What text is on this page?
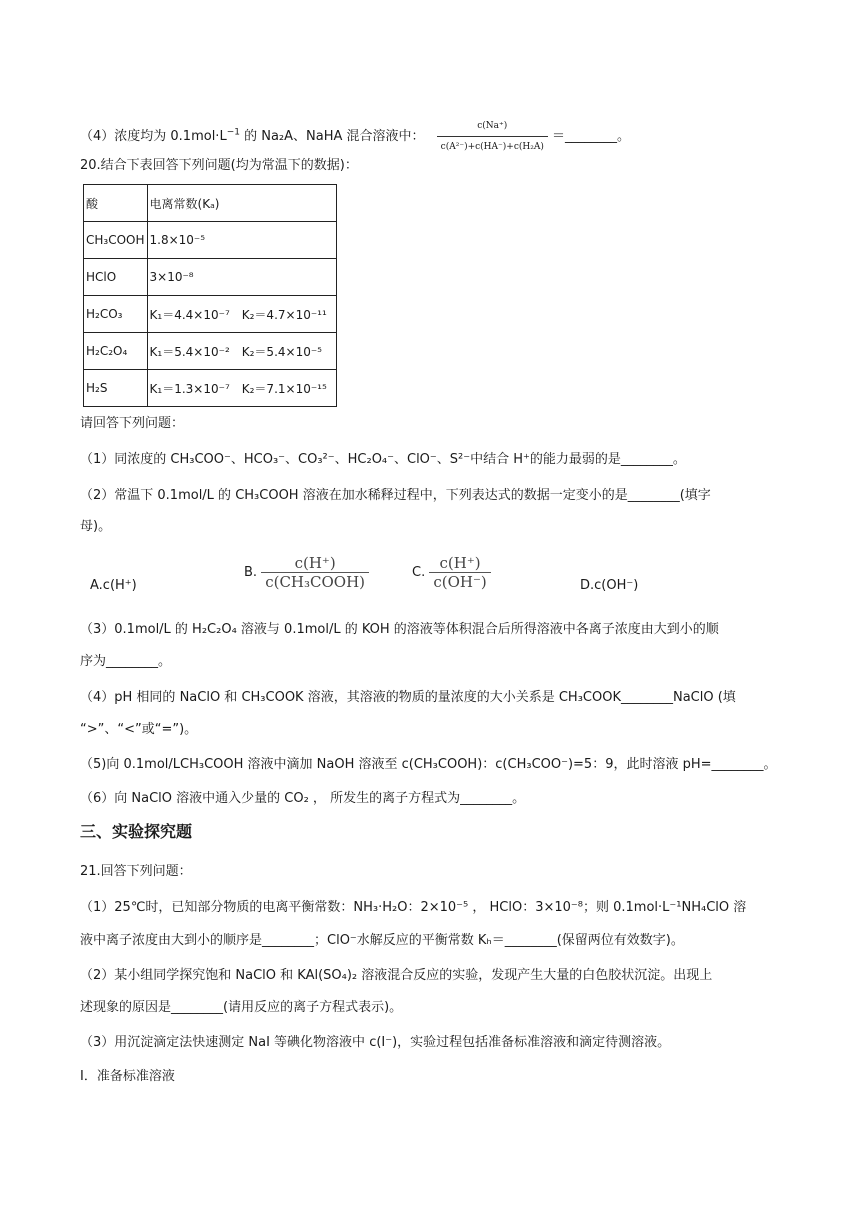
（4）浓度均为 $0.1mol\cdot L^{-1}$ 的 Na₂A、NaHA 混合溶液中： $\frac{c(Na^+)}{\text{c(A²⁻)+c(HA⁻)+c(H₂A)}}$ ＝________。
20.结合下表回答下列问题(均为常温下的数据)：
酸	电离常数(Kₐ)
CH₃COOH	1.8×10⁻⁵
HClO	3×10⁻⁸
H₂CO₃	K₁＝4.4×10⁻⁷　K₂＝4.7×10⁻¹¹
H₂C₂O₄	K₁＝5.4×10⁻²　K₂＝5.4×10⁻⁵
H₂S	K₁＝1.3×10⁻⁷　K₂＝7.1×10⁻¹⁵
请回答下列问题：
（1）同浓度的 CH₃COO⁻、HCO₃⁻、CO₃²⁻、HC₂O₄⁻、ClO⁻、S²⁻中结合 H⁺的能力最弱的是________。
（2）常温下 0.1mol/L 的 CH₃COOH 溶液在加水稀释过程中，下列表达式的数据一定变小的是________(填字
母)。
A.c(H⁺)
B. $\frac{c(H^+)}{\text{c(CH₃COOH)}}$	C. $\frac{c(H^+)}{c(OH^-)}$	D.c(OH⁻)
（3）0.1mol/L 的 H₂C₂O₄ 溶液与 0.1mol/L 的 KOH 的溶液等体积混合后所得溶液中各离子浓度由大到小的顺
序为________。
（4）pH 相同的 NaClO 和 CH₃COOK 溶液，其溶液的物质的量浓度的大小关系是 CH₃COOK________NaClO (填
“>”、“<”或“=”)。
（5)向 0.1mol/LCH₃COOH 溶液中滴加 NaOH 溶液至 c(CH₃COOH)：c(CH₃COO⁻)=5：9，此时溶液 pH=________。
（6）向 NaClO 溶液中通入少量的 CO₂ ， 所发生的离子方程式为________。
三、实验探究题
21.回答下列问题：
（1）25℃时，已知部分物质的电离平衡常数：NH₃·H₂O：2×10⁻⁵ ， HClO：3×10⁻⁸；则 0.1mol·L⁻¹NH₄ClO 溶
液中离子浓度由大到小的顺序是________；ClO⁻水解反应的平衡常数 Kₕ＝________(保留两位有效数字)。
（2）某小组同学探究饱和 NaClO 和 KAl(SO₄)₂ 溶液混合反应的实验，发现产生大量的白色胶状沉淀。出现上
述现象的原因是________(请用反应的离子方程式表示)。
（3）用沉淀滴定法快速测定 NaI 等碘化物溶液中 c(I⁻)，实验过程包括准备标准溶液和滴定待测溶液。
Ⅰ．准备标准溶液
